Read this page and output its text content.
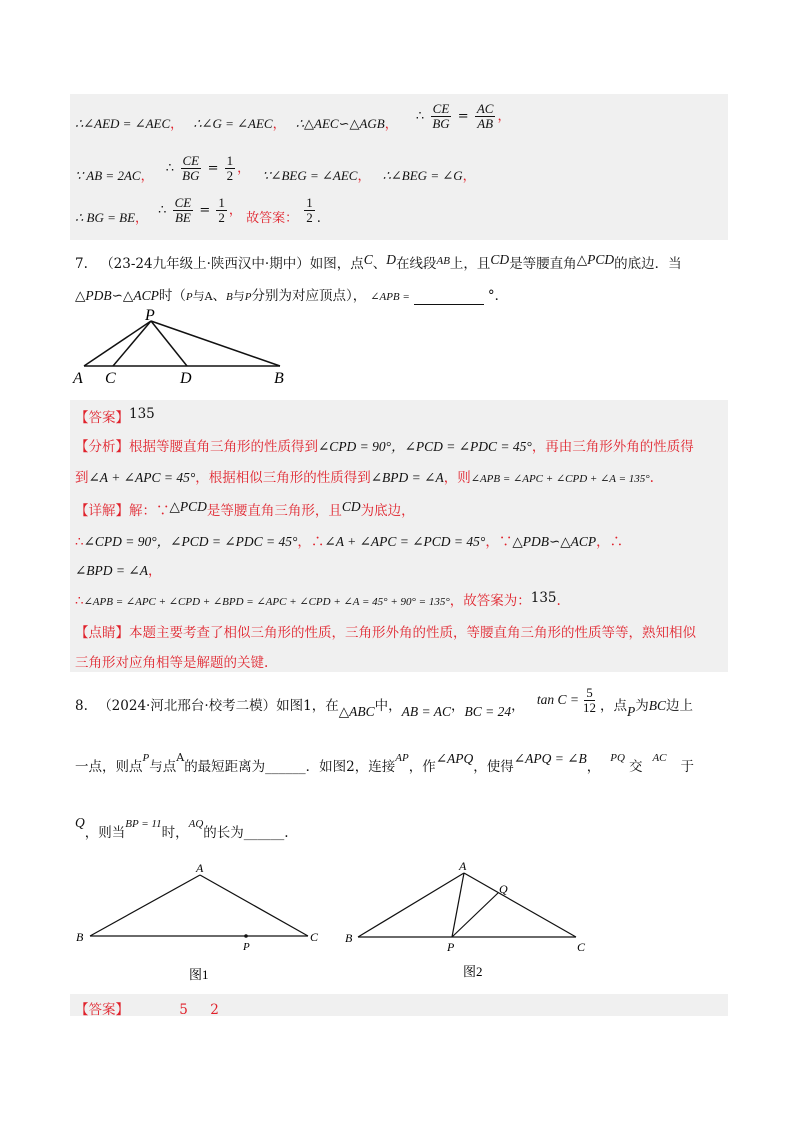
∴∠AED = ∠AEC， ∴∠G = ∠AEC， ∴△AEC∽△AGB， ∴ $\frac{CE}{BG} = \frac{AC}{AB}$ ，
∵ AB = 2AC， ∴ $\frac{CE}{BG} = \frac{1}{2}$ ， ∵∠BEG = ∠AEC， ∴∠BEG = ∠G，
∴ BG = BE， ∴ $\frac{CE}{BE} = \frac{1}{2}$ ， 故答案： $\frac{1}{2}$ .
7. （23-24九年级上·陕西汉中·期中）如图，点C、D在线段$^{AB}$上，且CD是等腰直角△PCD的底边．当
△PDB∽△ACP时（P与A、B与P分别为对应顶点）， ∠APB =	°．
P
A C	D	B
【答案】135
【分析】根据等腰直角三角形的性质得到∠CPD = 90°，∠PCD = ∠PDC = 45°，再由三角形外角的性质得
到∠A + ∠APC = 45°，根据相似三角形的性质得到∠BPD = ∠A，则∠APB = ∠APC + ∠CPD + ∠A = 135°.
【详解】解：∵△PCD是等腰直角三角形，且CD为底边，
∴∠CPD = 90°，∠PCD = ∠PDC = 45°，∴∠A + ∠APC = ∠PCD = 45°，∵△PDB∽△ACP，∴
∠BPD = ∠A，
∴∠APB = ∠APC + ∠CPD + ∠BPD = ∠APC + ∠CPD + ∠A = 45° + 90° = 135°，故答案为：135.
【点睛】本题主要考查了相似三角形的性质，三角形外角的性质，等腰直角三角形的性质等等，熟知相似
三角形对应角相等是解题的关键.
8. （2024·河北邢台·校考二模）如图1，在△ABC中，AB = AC，BC = 24， $\tan C = \frac{5}{12}$ ，点P为BC边上
一点，则点$^P$与点$^A$的最短距离为______．如图2，连接$^{AP}$，作∠APQ，使得∠APQ = ∠B，$^{PQ}$交$^{AC}$于
Q，则当$^{BP = 11}$时，$^{AQ}$的长为______.
A
B	C
P
图1
A
Q
B
C
P
图2
【答案】	5 2
